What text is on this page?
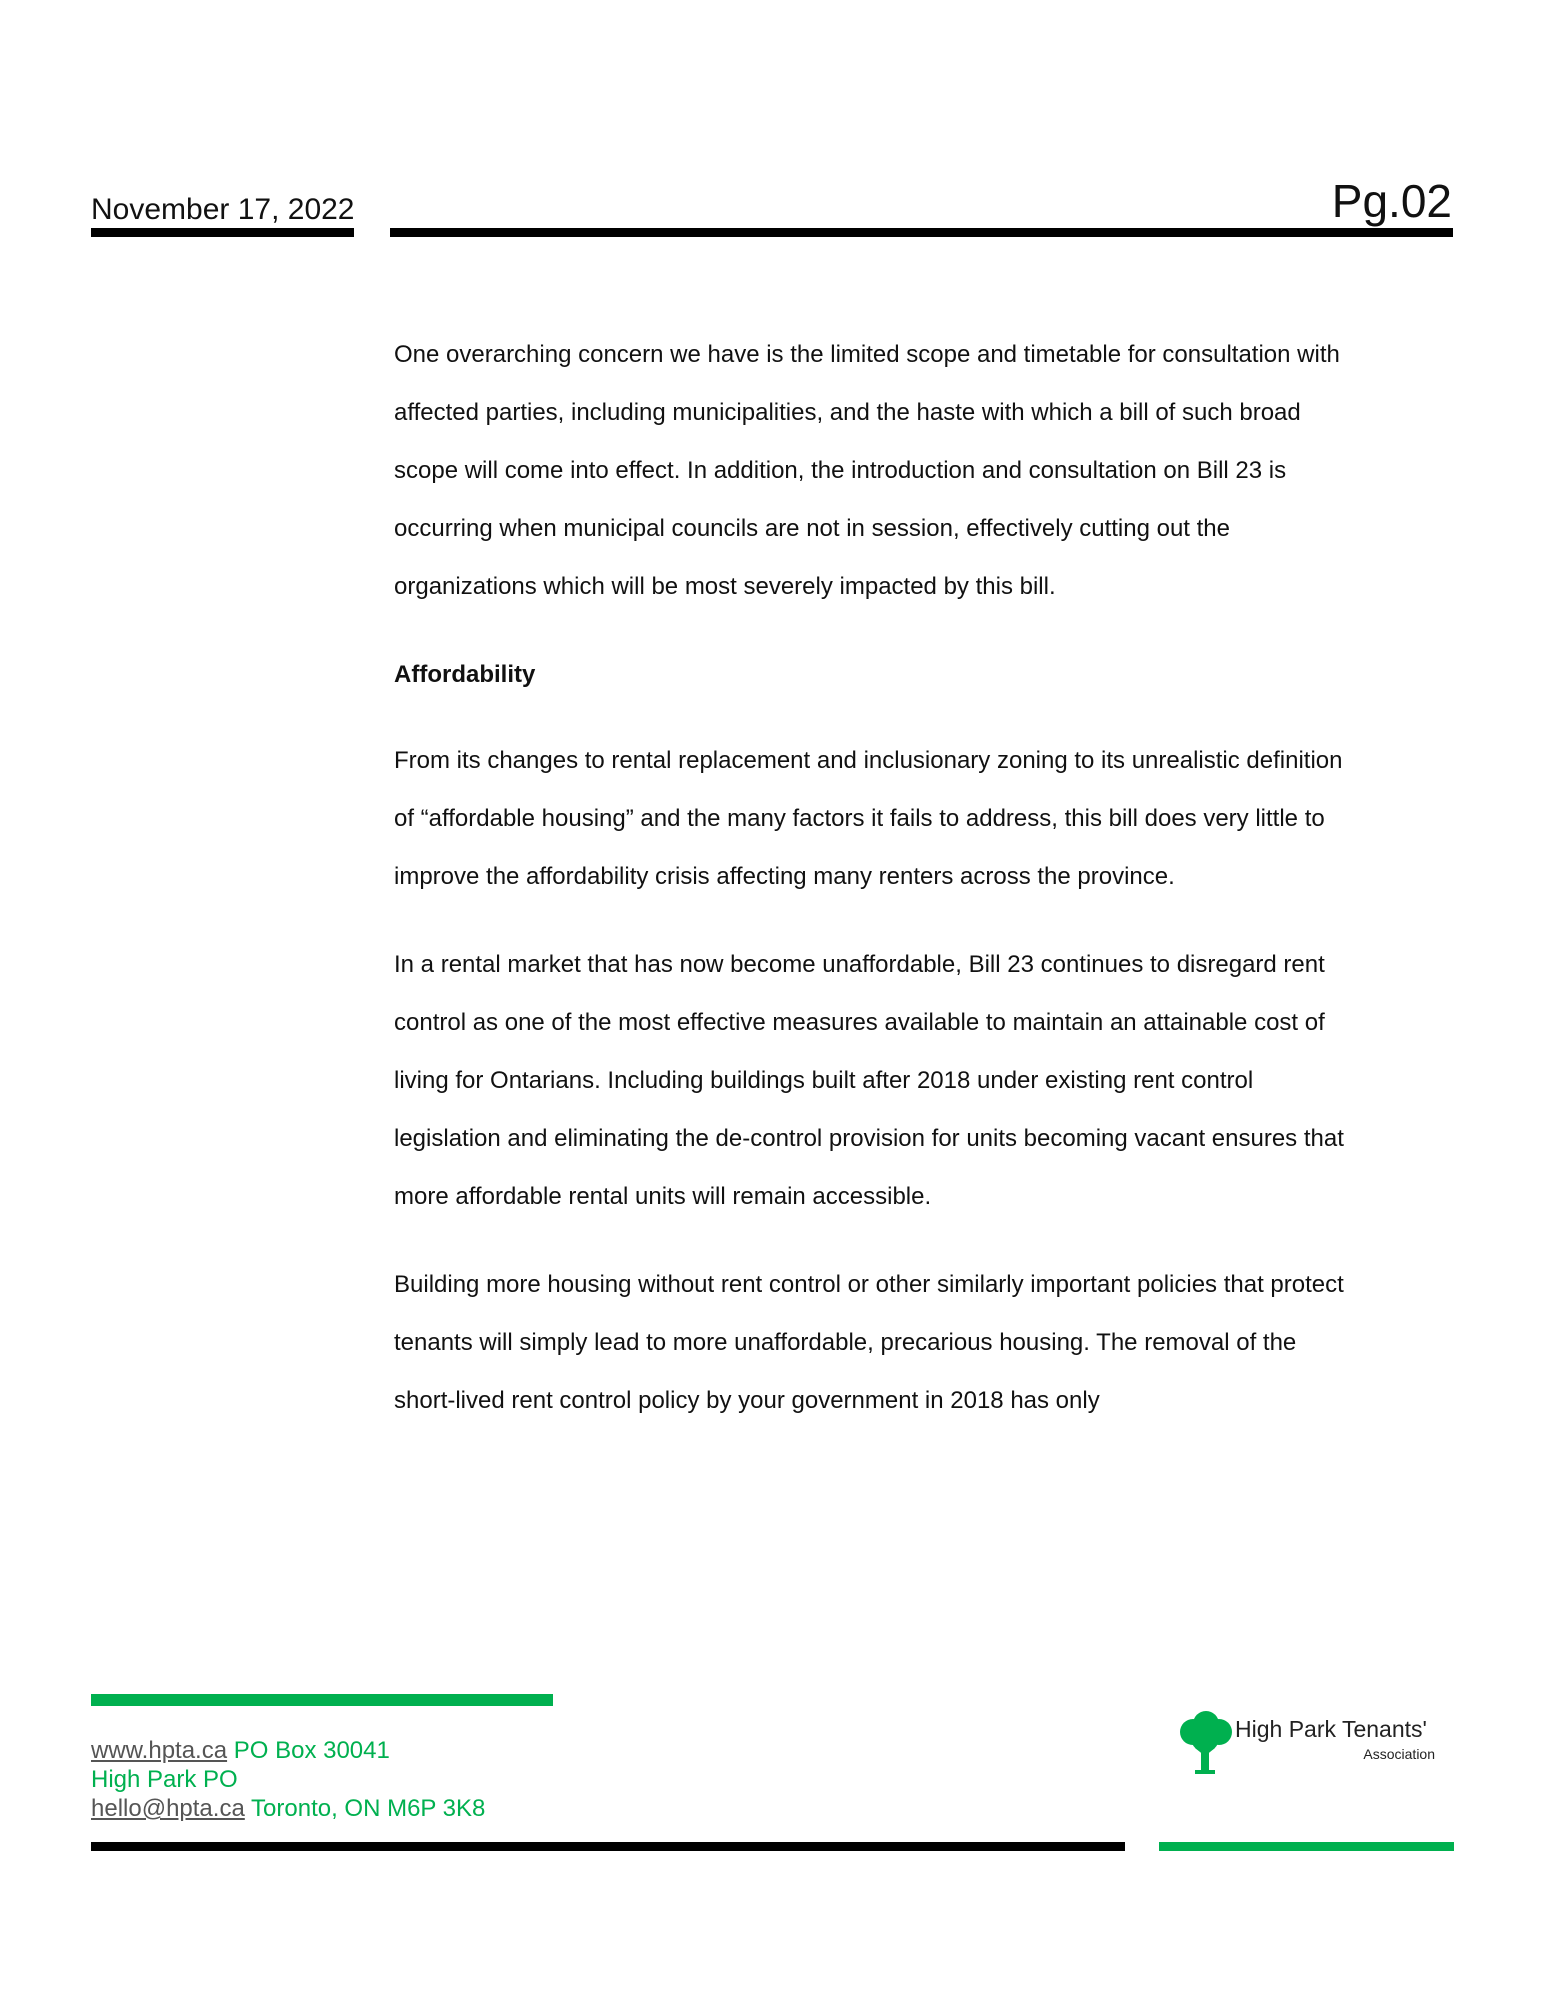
November 17, 2022	Pg.02

One overarching concern we have is the limited scope and timetable for consultation with affected parties, including municipalities, and the haste with which a bill of such broad scope will come into effect. In addition, the introduction and consultation on Bill 23 is occurring when municipal councils are not in session, effectively cutting out the organizations which will be most severely impacted by this bill.

Affordability

From its changes to rental replacement and inclusionary zoning to its unrealistic definition of “affordable housing” and the many factors it fails to address, this bill does very little to improve the affordability crisis affecting many renters across the province.

In a rental market that has now become unaffordable, Bill 23 continues to disregard rent control as one of the most effective measures available to maintain an attainable cost of living for Ontarians. Including buildings built after 2018 under existing rent control legislation and eliminating the de-control provision for units becoming vacant ensures that more affordable rental units will remain accessible.

Building more housing without rent control or other similarly important policies that protect tenants will simply lead to more unaffordable, precarious housing. The removal of the short-lived rent control policy by your government in 2018 has only

www.hpta.ca PO Box 30041
High Park PO
hello@hpta.ca Toronto, ON M6P 3K8
High Park Tenants'
Association
